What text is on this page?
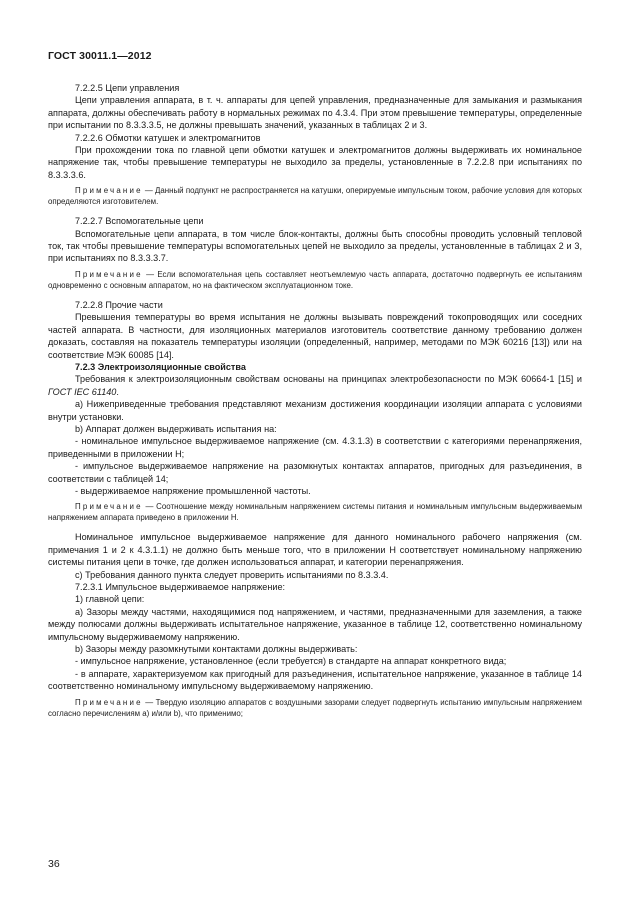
ГОСТ 30011.1—2012

7.2.2.5 Цепи управления

Цепи управления аппарата, в т. ч. аппараты для цепей управления, предназначенные для замыкания и размыкания аппарата, должны обеспечивать работу в нормальных режимах по 4.3.4. При этом превышение температуры, определенные при испытании по 8.3.3.3.5, не должны превышать значений, указанных в таблицах 2 и 3.

7.2.2.6 Обмотки катушек и электромагнитов

При прохождении тока по главной цепи обмотки катушек и электромагнитов должны выдерживать их номинальное напряжение так, чтобы превышение температуры не выходило за пределы, установленные в 7.2.2.8 при испытаниях по 8.3.3.3.6.

Примечание — Данный подпункт не распространяется на катушки, оперируемые импульсным током, рабочие условия для которых определяются изготовителем.

7.2.2.7 Вспомогательные цепи

Вспомогательные цепи аппарата, в том числе блок-контакты, должны быть способны проводить условный тепловой ток, так чтобы превышение температуры вспомогательных цепей не выходило за пределы, установленные в таблицах 2 и 3, при испытаниях по 8.3.3.3.7.

Примечание — Если вспомогательная цепь составляет неотъемлемую часть аппарата, достаточно подвергнуть ее испытаниям одновременно с основным аппаратом, но на фактическом эксплуатационном токе.

7.2.2.8 Прочие части

Превышения температуры во время испытания не должны вызывать повреждений токопроводящих или соседних частей аппарата. В частности, для изоляционных материалов изготовитель соответствие данному требованию должен доказать, составляя на показатель температуры изоляции (определенный, например, методами по МЭК 60216 [13]) или на соответствие МЭК 60085 [14].

7.2.3 Электроизоляционные свойства

Требования к электроизоляционным свойствам основаны на принципах электробезопасности по МЭК 60664-1 [15] и ГОСТ IEC 61140.

a) Нижеприведенные требования представляют механизм достижения координации изоляции аппарата с условиями внутри установки.

b) Аппарат должен выдерживать испытания на:

- номинальное импульсное выдерживаемое напряжение (см. 4.3.1.3) в соответствии с категориями перенапряжения, приведенными в приложении Н;

- импульсное выдерживаемое напряжение на разомкнутых контактах аппаратов, пригодных для разъединения, в соответствии с таблицей 14;

- выдерживаемое напряжение промышленной частоты.

Примечание — Соотношение между номинальным напряжением системы питания и номинальным импульсным выдерживаемым напряжением аппарата приведено в приложении Н.

Номинальное импульсное выдерживаемое напряжение для данного номинального рабочего напряжения (см. примечания 1 и 2 к 4.3.1.1) не должно быть меньше того, что в приложении Н соответствует номинальному напряжению системы питания цепи в точке, где должен использоваться аппарат, и категории перенапряжения.

c) Требования данного пункта следует проверить испытаниями по 8.3.3.4.

7.2.3.1 Импульсное выдерживаемое напряжение:

1) главной цепи:

a) Зазоры между частями, находящимися под напряжением, и частями, предназначенными для заземления, а также между полюсами должны выдерживать испытательное напряжение, указанное в таблице 12, соответственно номинальному импульсному выдерживаемому напряжению.

b) Зазоры между разомкнутыми контактами должны выдерживать:

- импульсное напряжение, установленное (если требуется) в стандарте на аппарат конкретного вида;

- в аппарате, характеризуемом как пригодный для разъединения, испытательное напряжение, указанное в таблице 14 соответственно номинальному импульсному выдерживаемому напряжению.

Примечание — Твердую изоляцию аппаратов с воздушными зазорами следует подвергнуть испытанию импульсным напряжением согласно перечислениям а) и/или b), что применимо;

36
